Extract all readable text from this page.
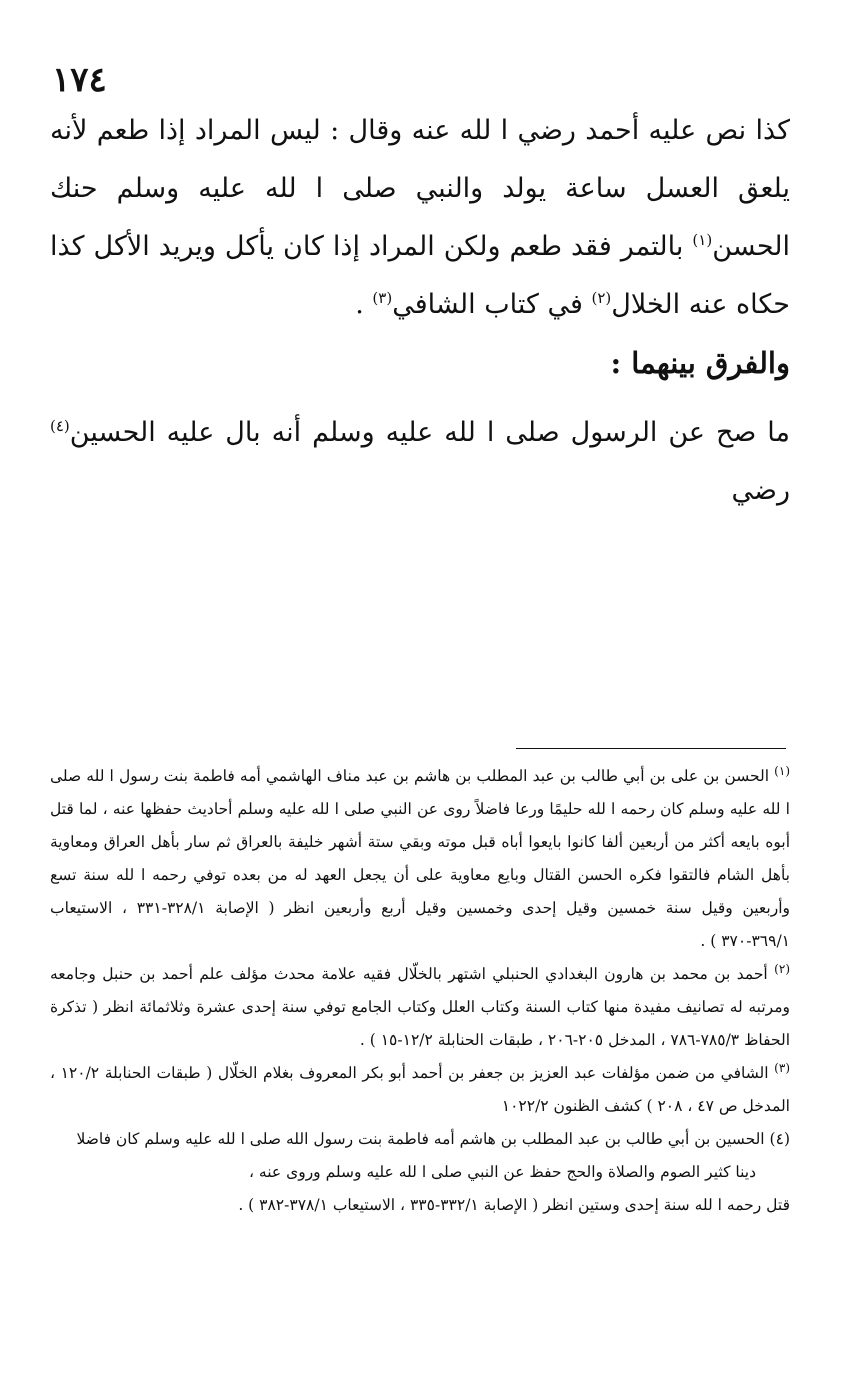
١٧٤

كذا نص عليه أحمد رضي ا لله عنه وقال : ليس المراد إذا طعم لأنه يلعق العسل ساعة يولد والنبي صلى ا لله عليه وسلم حنك الحسن$^{(١)}$ بالتمر فقد طعم ولكن المراد إذا كان يأكل ويريد الأكل كذا حكاه عنه الخلال$^{(٢)}$ في كتاب الشافي$^{(٣)}$ .

والفرق بينهما :
ما صح عن الرسول صلى ا لله عليه وسلم أنه بال عليه الحسين$^{(٤)}$ رضي

$^{(١)}$ الحسن بن على بن أبي طالب بن عبد المطلب بن هاشم بن عبد مناف الهاشمي أمه فاطمة بنت رسول ا لله صلى ا لله عليه وسلم كان رحمه ا لله حليمًا ورعا فاضلاً روى عن النبي صلى ا لله عليه وسلم أحاديث حفظها عنه ، لما قتل أبوه بايعه أكثر من أربعين ألفا كانوا بايعوا أباه قبل موته وبقي ستة أشهر خليفة بالعراق ثم سار بأهل العراق ومعاوية بأهل الشام فالتقوا فكره الحسن القتال وبايع معاوية على أن يجعل العهد له من بعده توفي رحمه ا لله سنة تسع وأربعين وقيل سنة خمسين وقيل إحدى وخمسين وقيل أربع وأربعين انظر ( الإصابة ٣٢٨/١-٣٣١ ، الاستيعاب ٣٦٩/١-٣٧٠ ) .

$^{(٢)}$ أحمد بن محمد بن هارون البغدادي الحنبلي اشتهر بالخلّال فقيه علامة محدث مؤلف علم أحمد بن حنبل وجامعه ومرتبه له تصانيف مفيدة منها كتاب السنة وكتاب العلل وكتاب الجامع توفي سنة إحدى عشرة وثلاثمائة انظر ( تذكرة الحفاظ ٧٨٥/٣-٧٨٦ ، المدخل ٢٠٥-٢٠٦ ، طبقات الحنابلة ١٢/٢-١٥ ) .

$^{(٣)}$ الشافي من ضمن مؤلفات عبد العزيز بن جعفر بن أحمد أبو بكر المعروف بغلام الخلّال ( طبقات الحنابلة ١٢٠/٢ ، المدخل ص ٤٧ ، ٢٠٨ ) كشف الظنون ١٠٢٢/٢

(٤) الحسين بن أبي طالب بن عبد المطلب بن هاشم أمه فاطمة بنت رسول الله صلى ا لله عليه وسلم كان فاضلا
دينا كثير الصوم والصلاة والحج حفظ عن النبي صلى ا لله عليه وسلم وروى عنه ،
قتل رحمه ا لله سنة إحدى وستين انظر ( الإصابة ٣٣٢/١-٣٣٥ ، الاستيعاب ٣٧٨/١-٣٨٢ ) .
